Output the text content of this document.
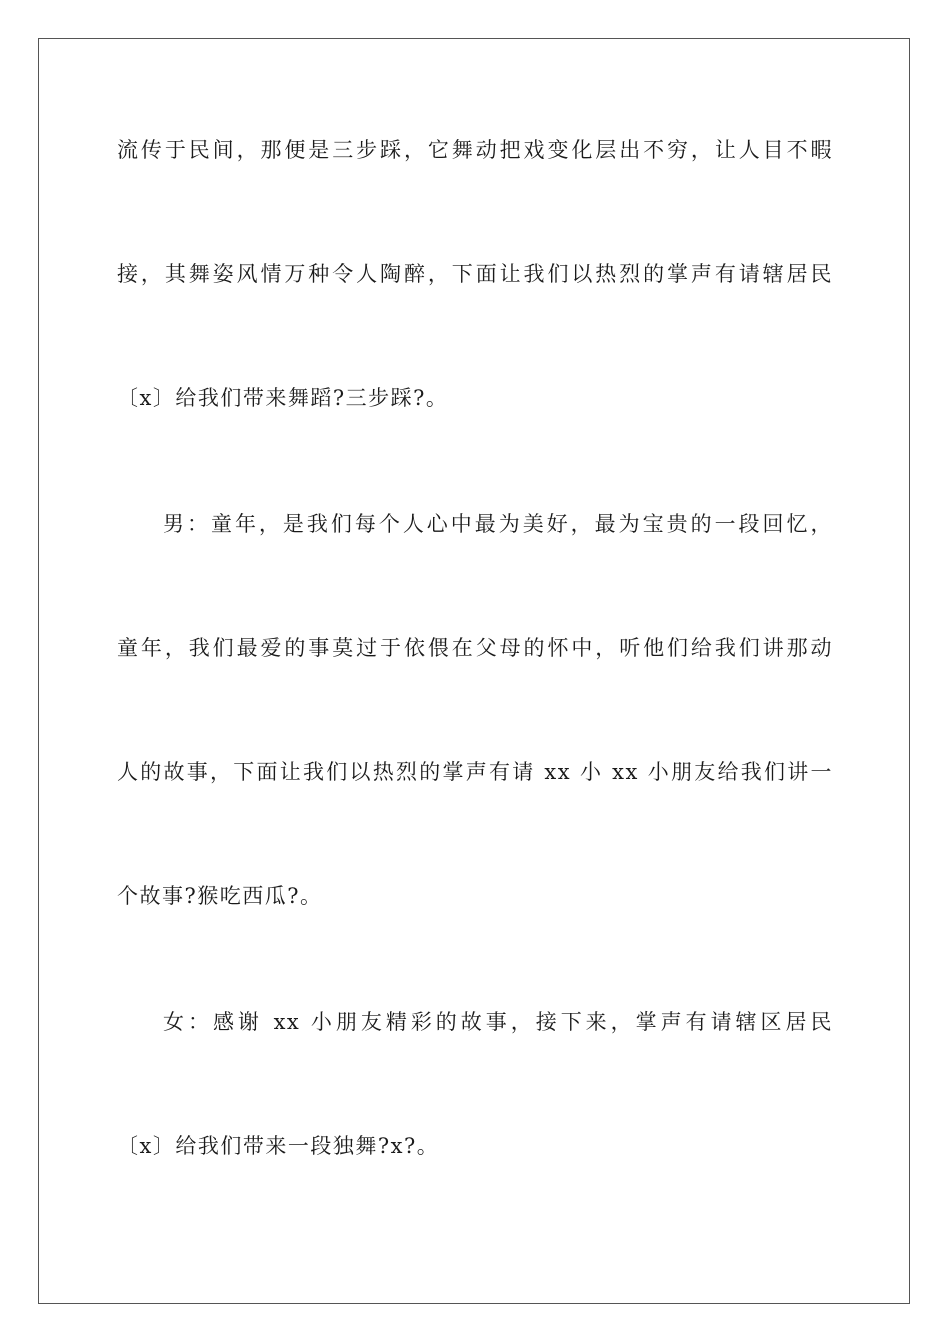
流传于民间，那便是三步踩，它舞动把戏变化层出不穷，让人目不暇
接，其舞姿风情万种令人陶醉，下面让我们以热烈的掌声有请辖居民
〔x〕给我们带来舞蹈?三步踩?。
男：童年，是我们每个人心中最为美好，最为宝贵的一段回忆，
童年，我们最爱的事莫过于依偎在父母的怀中，听他们给我们讲那动
人的故事，下面让我们以热烈的掌声有请 xx 小 xx 小朋友给我们讲一
个故事?猴吃西瓜?。
女：感谢 xx 小朋友精彩的故事，接下来，掌声有请辖区居民
〔x〕给我们带来一段独舞?x?。
